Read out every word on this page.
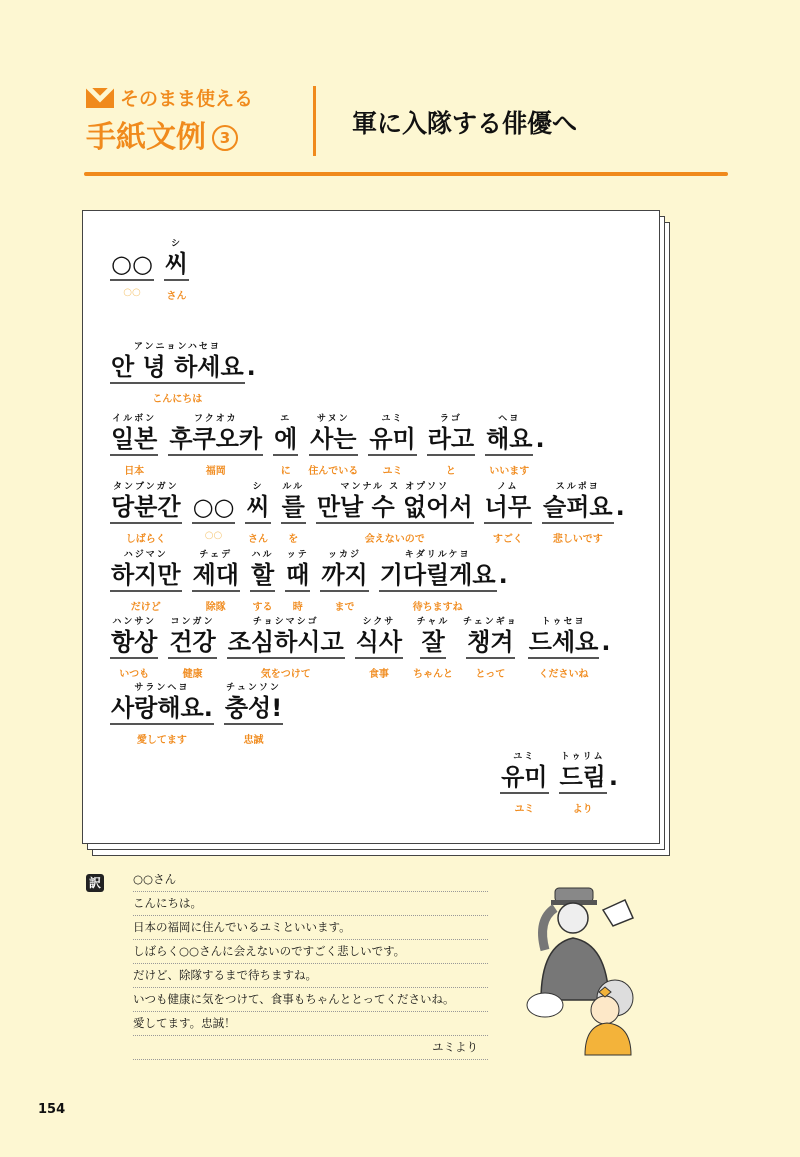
そのまま使える
手紙文例 3	軍に入隊する俳優へ
○○
○○
シ
씨
さん
アンニョンハセヨ
안 녕 하세요
こんにちは
.
イルボン
일본
日本
フクオカ
후쿠오카
福岡
エ
에
に
サヌン
사는
住んでいる
ユミ
유미
ユミ
ラゴ
라고
と
ヘヨ
해요
いいます
.
タンブンガン
당분간
しばらく
○○
○○
シ
씨
さん
ルル
를
を
マンナル ス オプソソ
만날 수 없어서
会えないので
ノム
너무
すごく
スルポヨ
슬퍼요
悲しいです
.
ハジマン
하지만
だけど
チェデ
제대
除隊
ハル
할
する
ッテ
때
時
ッカジ
까지
まで
キダリルケヨ
기다릴게요
待ちますね
.
ハンサン
항상
いつも
コンガン
건강
健康
チョシマシゴ
조심하시고
気をつけて
シクサ
식사
食事
チャル
잘
ちゃんと
チェンギョ
챙겨
とって
トゥセヨ
드세요
くださいね
.
サランヘヨ
사랑해요.
愛してます
チュンソン
충성!
忠誠
ユミ
유미
ユミ
トゥリム
드림
より
.
訳	○○さん
こんにちは。
日本の福岡に住んでいるユミといいます。
しばらく○○さんに会えないのですごく悲しいです。
だけど、除隊するまで待ちますね。
いつも健康に気をつけて、食事もちゃんととってくださいね。
愛してます。忠誠！
ユミより
154
